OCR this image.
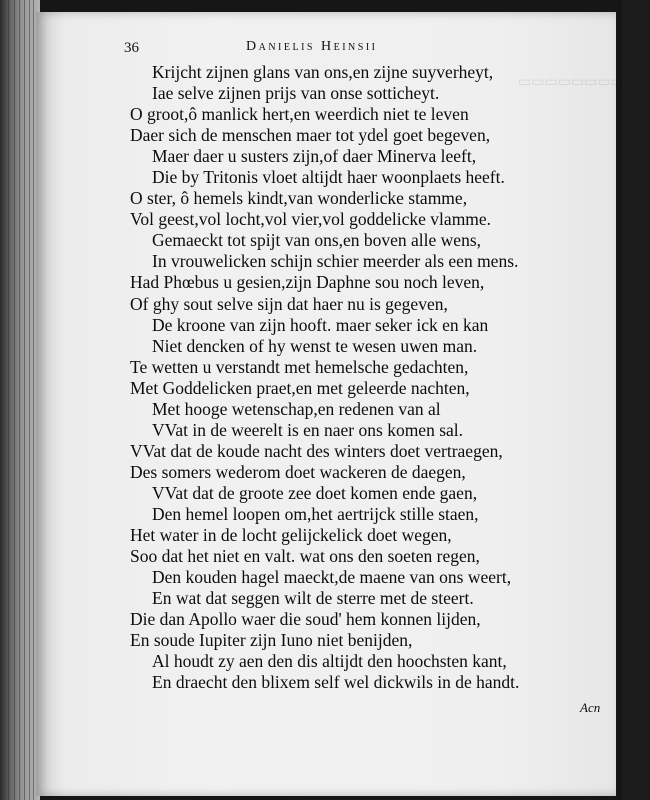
▭▭▭▭▭▭▭▭▭▭
36	Danielis Heinsii
Krijcht zijnen glans van ons,en zijne suyverheyt,
Iae selve zijnen prijs van onse sotticheyt.
O groot,ô manlick hert,en weerdich niet te leven
Daer sich de menschen maer tot ydel goet begeven,
Maer daer u susters zijn,of daer Minerva leeft,
Die by Tritonis vloet altijdt haer woonplaets heeft.
O ster, ô hemels kindt,van wonderlicke stamme,
Vol geest,vol locht,vol vier,vol goddelicke vlamme.
Gemaeckt tot spijt van ons,en boven alle wens,
In vrouwelicken schijn schier meerder als een mens.
Had Phœbus u gesien,zijn Daphne sou noch leven,
Of ghy sout selve sijn dat haer nu is gegeven,
De kroone van zijn hooft. maer seker ick en kan
Niet dencken of hy wenst te wesen uwen man.
Te wetten u verstandt met hemelsche gedachten,
Met Goddelicken praet,en met geleerde nachten,
Met hooge wetenschap,en redenen van al
VVat in de weerelt is en naer ons komen sal.
VVat dat de koude nacht des winters doet vertraegen,
Des somers wederom doet wackeren de daegen,
VVat dat de groote zee doet komen ende gaen,
Den hemel loopen om,het aertrijck stille staen,
Het water in de locht gelijckelick doet wegen,
Soo dat het niet en valt. wat ons den soeten regen,
Den kouden hagel maeckt,de maene van ons weert,
En wat dat seggen wilt de sterre met de steert.
Die dan Apollo waer die soud' hem konnen lijden,
En soude Iupiter zijn Iuno niet benijden,
Al houdt zy aen den dis altijdt den hoochsten kant,
En draecht den blixem self wel dickwils in de handt.
Acn
